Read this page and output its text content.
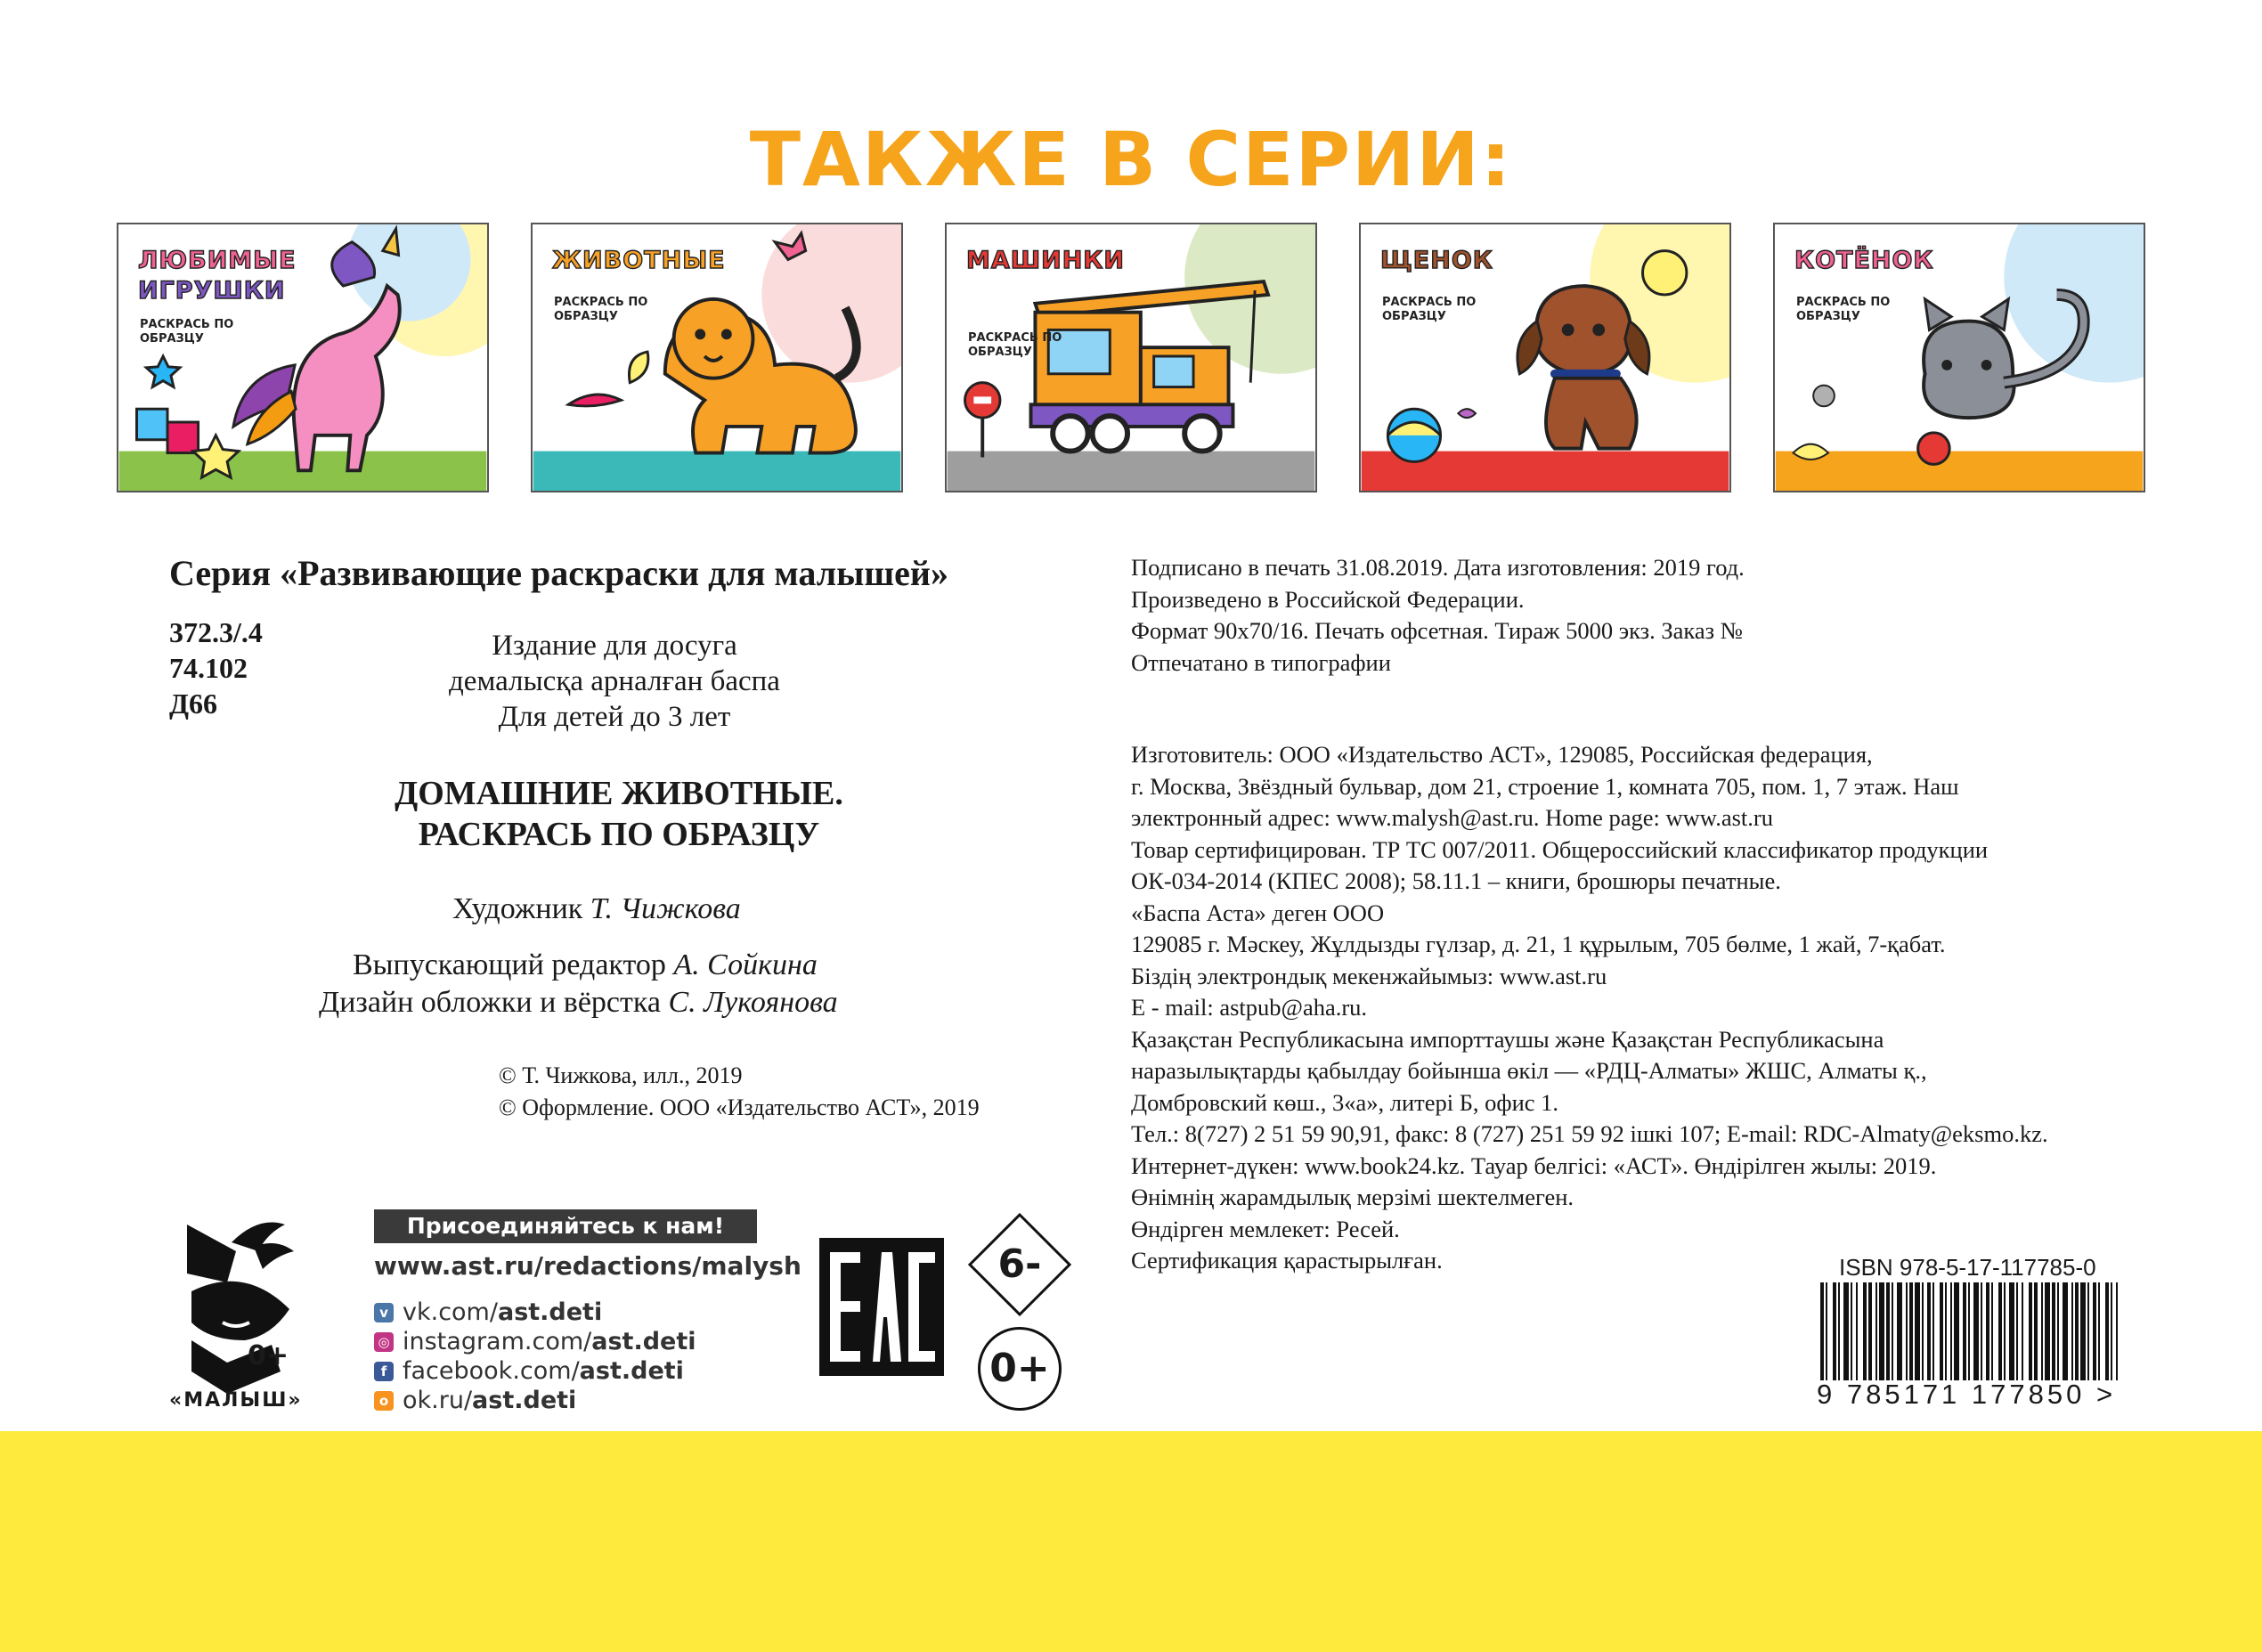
ТАКЖЕ В СЕРИИ:
ЛЮБИМЫЕ
ИГРУШКИ
РАСКРАСЬ ПО ОБРАЗЦУ
ЖИВОТНЫЕ
РАСКРАСЬ ПО ОБРАЗЦУ
МАШИНКИ
РАСКРАСЬ ПО ОБРАЗЦУ
ЩЕНОК
РАСКРАСЬ ПО ОБРАЗЦУ
КОТЁНОК
РАСКРАСЬ ПО ОБРАЗЦУ
Серия «Развивающие раскраски для малышей»
372.3/.4
74.102
Д66
Издание для досуга
демалысқа арналған баспа
Для детей до 3 лет
ДОМАШНИЕ ЖИВОТНЫЕ.
РАСКРАСЬ ПО ОБРАЗЦУ
Художник Т. Чижкова
Выпускающий редактор А. Сойкина
Дизайн обложки и вёрстка С. Лукоянова
© Т. Чижкова, илл., 2019
© Оформление. ООО «Издательство АСТ», 2019
Подписано в печать 31.08.2019. Дата изготовления: 2019 год.
Произведено в Российской Федерации.
Формат 90х70/16. Печать офсетная. Тираж 5000 экз. Заказ №
Отпечатано в типографии
Изготовитель: ООО «Издательство АСТ», 129085, Российская федерация,
г. Москва, Звёздный бульвар, дом 21, строение 1, комната 705, пом. 1, 7 этаж. Наш
электронный адрес: www.malysh@ast.ru. Home page: www.ast.ru
Товар сертифицирован. ТР ТС 007/2011. Общероссийский классификатор продукции
ОК-034-2014 (КПЕС 2008); 58.11.1 – книги, брошюры печатные.
«Баспа Аста» деген ООО
129085 г. Мәскеу, Жұлдызды гүлзар, д. 21, 1 құрылым, 705 бөлме, 1 жай, 7-қабат.
Біздің электрондық мекенжайымыз: www.ast.ru
E - mail: astpub@aha.ru.
Қазақстан Республикасына импорттаушы және Қазақстан Республикасына
наразылықтарды қабылдау бойынша өкіл — «РДЦ-Алматы» ЖШС, Алматы қ.,
Домбровский көш., 3«а», литері Б, офис 1.
Тел.: 8(727) 2 51 59 90,91, факс: 8 (727) 251 59 92 ішкі 107; E-mail: RDC-Almaty@eksmo.kz.
Интернет-дүкен: www.book24.kz. Тауар белгісі: «АСТ». Өндірілген жылы: 2019.
Өнімнің жарамдылық мерзімі шектелмеген.
Өндірген мемлекет: Ресей.
Сертификация қарастырылған.
0+
«МАЛЫШ»
Присоединяйтесь к нам!
www.ast.ru/redactions/malysh
v vk.com/ast.deti
◎ instagram.com/ast.deti
f facebook.com/ast.deti
o ok.ru/ast.deti
6-
0+
ISBN 978-5-17-117785-0
9 785171 177850 >
